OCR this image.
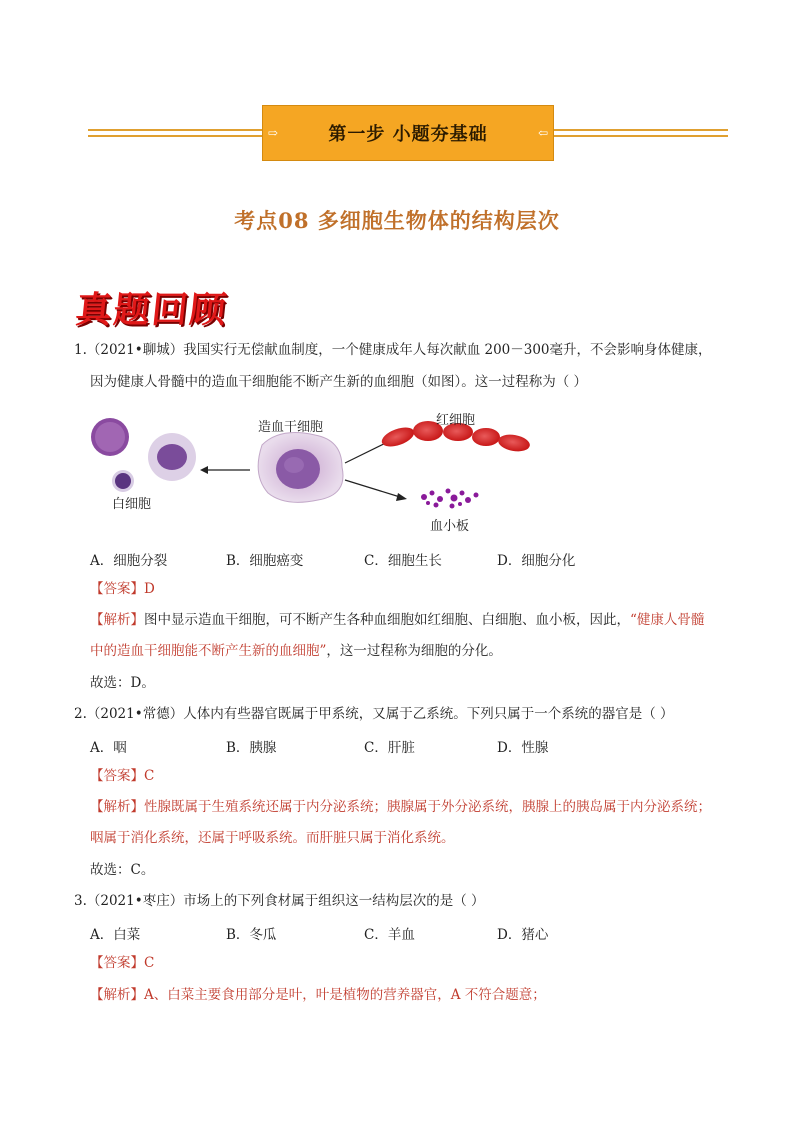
⇨	第一步 小题夯基础	⇦
考点08 多细胞生物体的结构层次
真题回顾
1.（2021•聊城）我国实行无偿献血制度，一个健康成年人每次献血 200－300毫升，不会影响身体健康，
因为健康人骨髓中的造血干细胞能不断产生新的血细胞（如图）。这一过程称为（ ）
造血干细胞	红细胞
白细胞
血小板
A．细胞分裂	B．细胞癌变	C．细胞生长	D．细胞分化
【答案】D
【解析】图中显示造血干细胞，可不断产生各种血细胞如红细胞、白细胞、血小板，因此，“健康人骨髓
中的造血干细胞能不断产生新的血细胞”，这一过程称为细胞的分化。
故选：D。
2.（2021•常德）人体内有些器官既属于甲系统，又属于乙系统。下列只属于一个系统的器官是（ ）
A．咽	B．胰腺	C．肝脏	D．性腺
【答案】C
【解析】性腺既属于生殖系统还属于内分泌系统；胰腺属于外分泌系统，胰腺上的胰岛属于内分泌系统；
咽属于消化系统，还属于呼吸系统。而肝脏只属于消化系统。
故选：C。
3.（2021•枣庄）市场上的下列食材属于组织这一结构层次的是（ ）
A．白菜	B．冬瓜	C．羊血	D．猪心
【答案】C
【解析】A、白菜主要食用部分是叶，叶是植物的营养器官，A 不符合题意；
